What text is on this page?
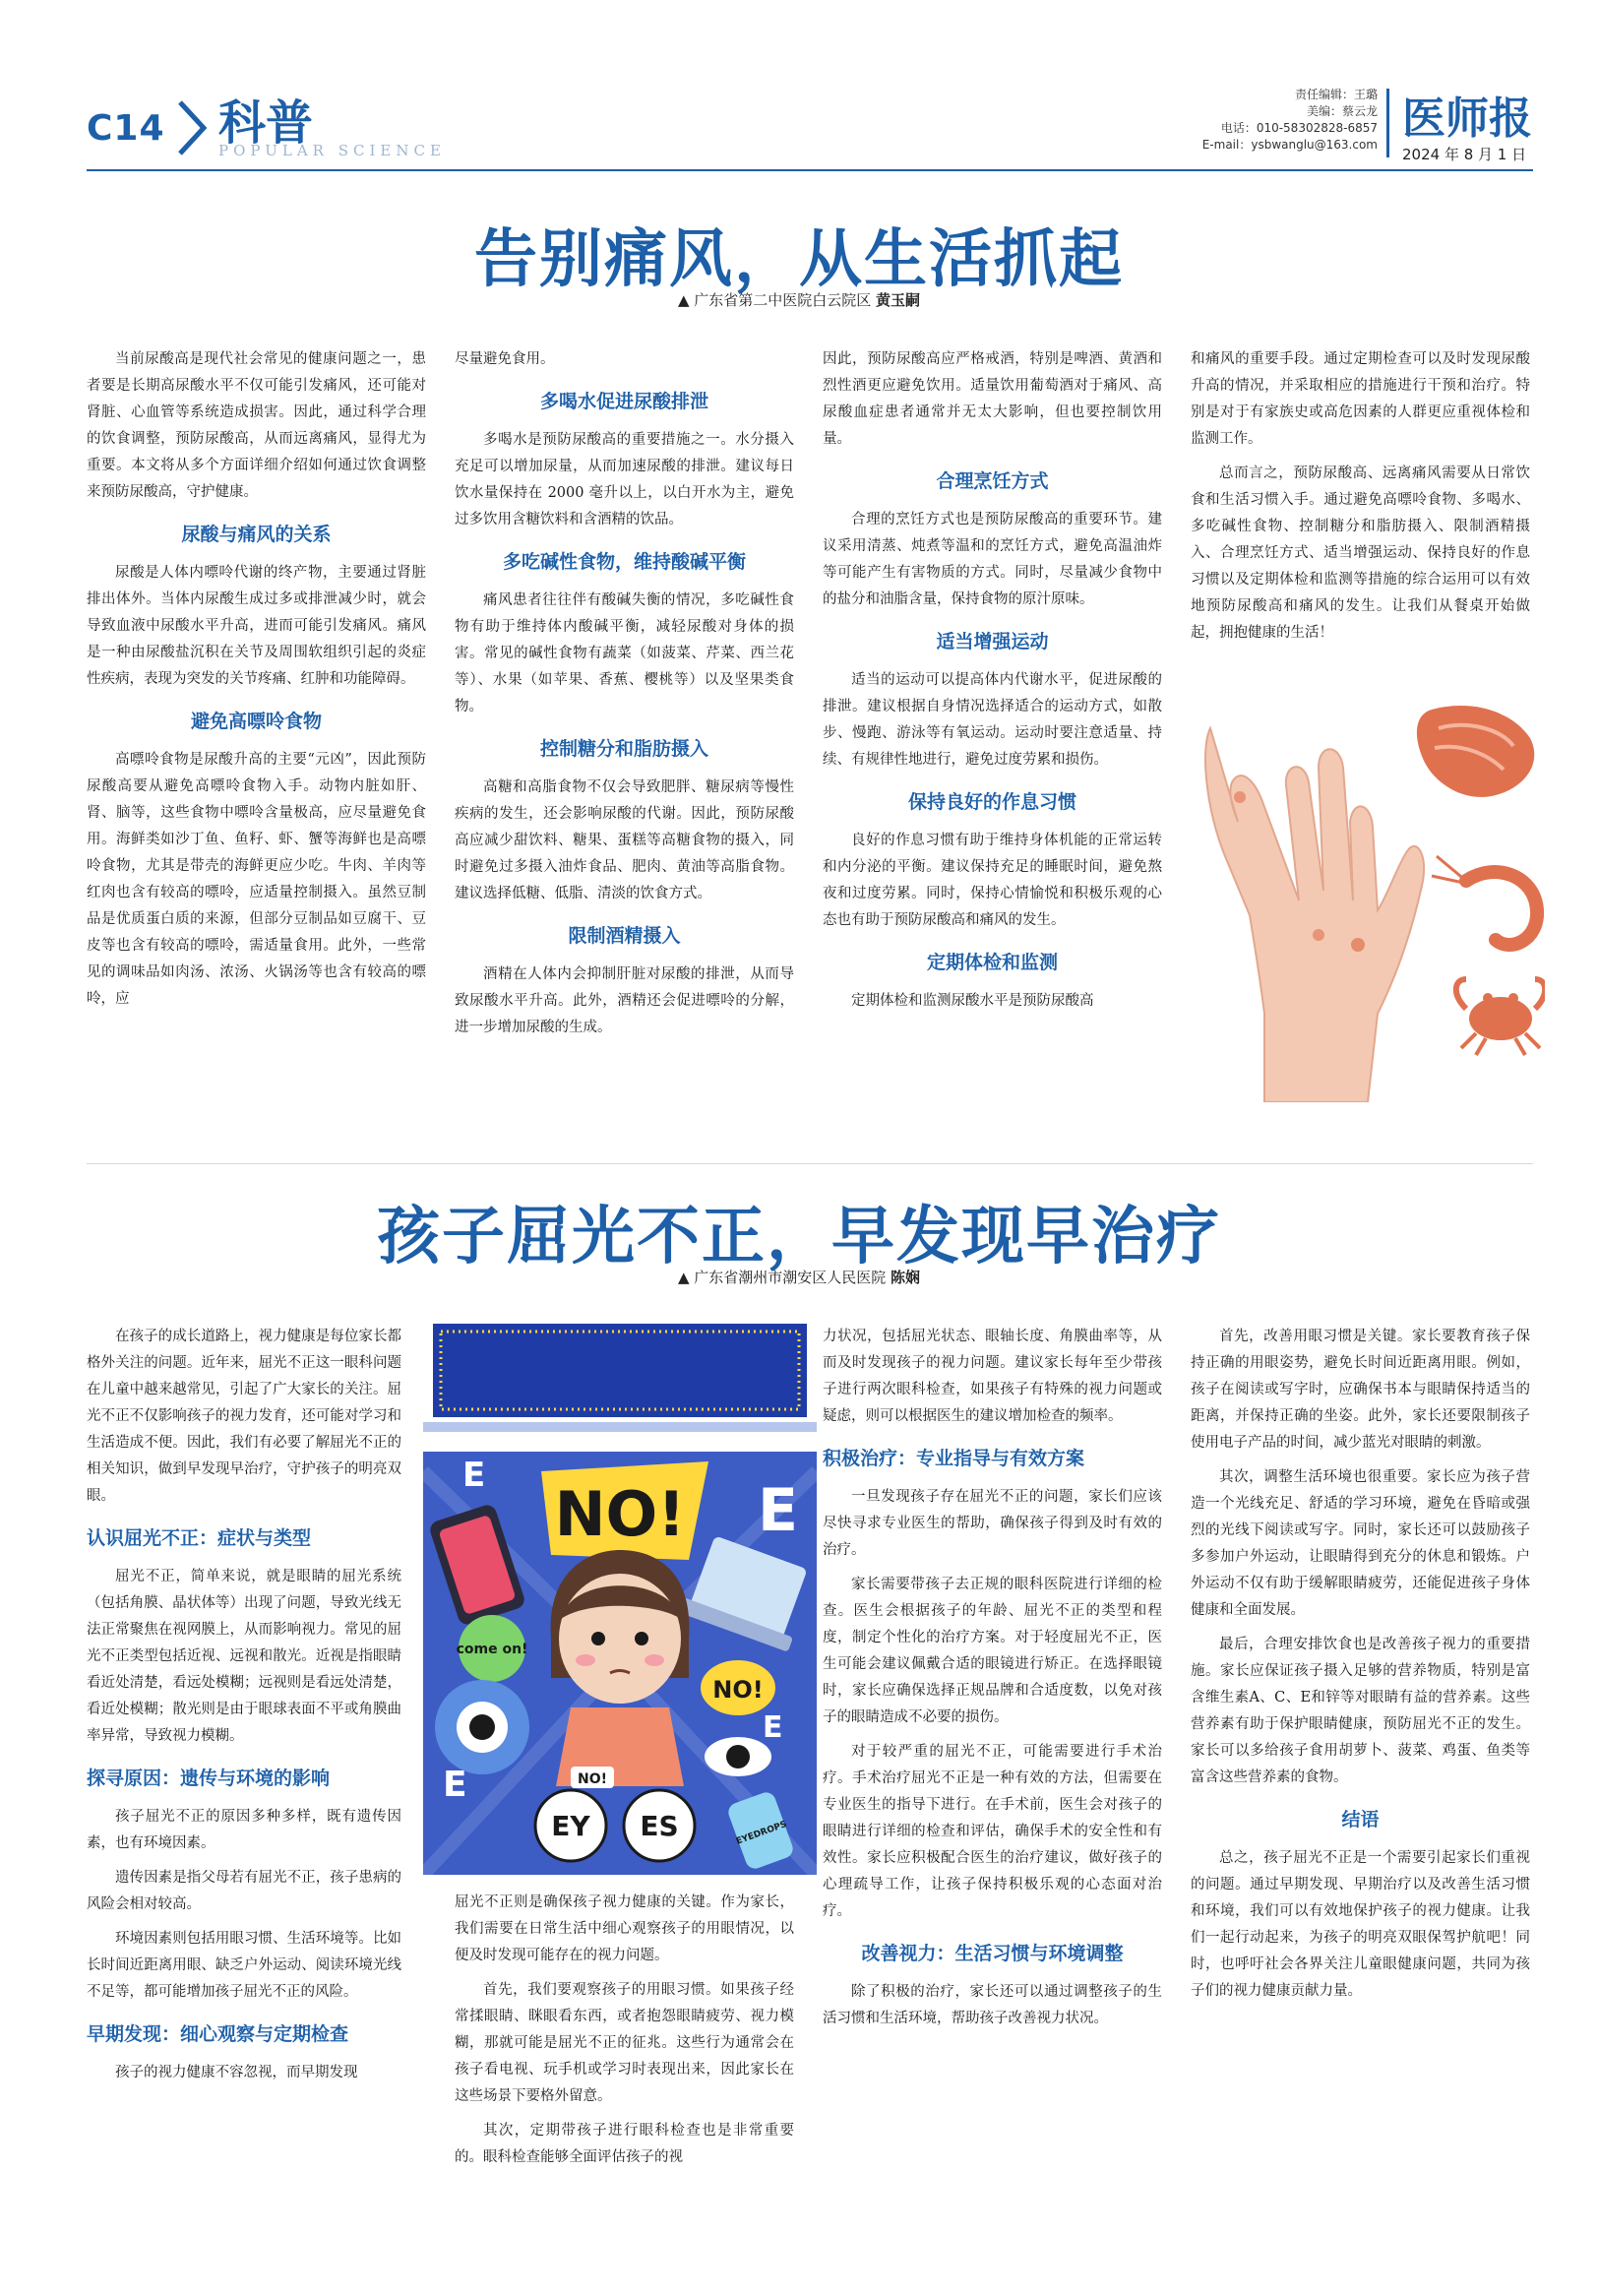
C14 科普
POPULAR SCIENCE
责任编辑：王璐
美编：蔡云龙
电话：010-58302828-6857
E-mail：ysbwanglu@163.com
医师报
2024 年 8 月 1 日
告别痛风，从生活抓起
▲ 广东省第二中医院白云院区 黄玉嗣

当前尿酸高是现代社会常见的健康问题之一，患者要是长期高尿酸水平不仅可能引发痛风，还可能对肾脏、心血管等系统造成损害。因此，通过科学合理的饮食调整，预防尿酸高，从而远离痛风，显得尤为重要。本文将从多个方面详细介绍如何通过饮食调整来预防尿酸高，守护健康。

尿酸与痛风的关系

尿酸是人体内嘌呤代谢的终产物，主要通过肾脏排出体外。当体内尿酸生成过多或排泄减少时，就会导致血液中尿酸水平升高，进而可能引发痛风。痛风是一种由尿酸盐沉积在关节及周围软组织引起的炎症性疾病，表现为突发的关节疼痛、红肿和功能障碍。

避免高嘌呤食物

高嘌呤食物是尿酸升高的主要“元凶”，因此预防尿酸高要从避免高嘌呤食物入手。动物内脏如肝、肾、脑等，这些食物中嘌呤含量极高，应尽量避免食用。海鲜类如沙丁鱼、鱼籽、虾、蟹等海鲜也是高嘌呤食物，尤其是带壳的海鲜更应少吃。牛肉、羊肉等红肉也含有较高的嘌呤，应适量控制摄入。虽然豆制品是优质蛋白质的来源，但部分豆制品如豆腐干、豆皮等也含有较高的嘌呤，需适量食用。此外，一些常见的调味品如肉汤、浓汤、火锅汤等也含有较高的嘌呤，应

尽量避免食用。

多喝水促进尿酸排泄

多喝水是预防尿酸高的重要措施之一。水分摄入充足可以增加尿量，从而加速尿酸的排泄。建议每日饮水量保持在 2000 毫升以上，以白开水为主，避免过多饮用含糖饮料和含酒精的饮品。

多吃碱性食物，维持酸碱平衡

痛风患者往往伴有酸碱失衡的情况，多吃碱性食物有助于维持体内酸碱平衡，减轻尿酸对身体的损害。常见的碱性食物有蔬菜（如菠菜、芹菜、西兰花等）、水果（如苹果、香蕉、樱桃等）以及坚果类食物。

控制糖分和脂肪摄入

高糖和高脂食物不仅会导致肥胖、糖尿病等慢性疾病的发生，还会影响尿酸的代谢。因此，预防尿酸高应减少甜饮料、糖果、蛋糕等高糖食物的摄入，同时避免过多摄入油炸食品、肥肉、黄油等高脂食物。建议选择低糖、低脂、清淡的饮食方式。

限制酒精摄入

酒精在人体内会抑制肝脏对尿酸的排泄，从而导致尿酸水平升高。此外，酒精还会促进嘌呤的分解，进一步增加尿酸的生成。

因此，预防尿酸高应严格戒酒，特别是啤酒、黄酒和烈性酒更应避免饮用。适量饮用葡萄酒对于痛风、高尿酸血症患者通常并无太大影响，但也要控制饮用量。

合理烹饪方式

合理的烹饪方式也是预防尿酸高的重要环节。建议采用清蒸、炖煮等温和的烹饪方式，避免高温油炸等可能产生有害物质的方式。同时，尽量减少食物中的盐分和油脂含量，保持食物的原汁原味。

适当增强运动

适当的运动可以提高体内代谢水平，促进尿酸的排泄。建议根据自身情况选择适合的运动方式，如散步、慢跑、游泳等有氧运动。运动时要注意适量、持续、有规律性地进行，避免过度劳累和损伤。

保持良好的作息习惯

良好的作息习惯有助于维持身体机能的正常运转和内分泌的平衡。建议保持充足的睡眠时间，避免熬夜和过度劳累。同时，保持心情愉悦和积极乐观的心态也有助于预防尿酸高和痛风的发生。

定期体检和监测

定期体检和监测尿酸水平是预防尿酸高

和痛风的重要手段。通过定期检查可以及时发现尿酸升高的情况，并采取相应的措施进行干预和治疗。特别是对于有家族史或高危因素的人群更应重视体检和监测工作。

总而言之，预防尿酸高、远离痛风需要从日常饮食和生活习惯入手。通过避免高嘌呤食物、多喝水、多吃碱性食物、控制糖分和脂肪摄入、限制酒精摄入、合理烹饪方式、适当增强运动、保持良好的作息习惯以及定期体检和监测等措施的综合运用可以有效地预防尿酸高和痛风的发生。让我们从餐桌开始做起，拥抱健康的生活！

孩子屈光不正，早发现早治疗
▲ 广东省潮州市潮安区人民医院 陈娴

在孩子的成长道路上，视力健康是每位家长都格外关注的问题。近年来，屈光不正这一眼科问题在儿童中越来越常见，引起了广大家长的关注。屈光不正不仅影响孩子的视力发育，还可能对学习和生活造成不便。因此，我们有必要了解屈光不正的相关知识，做到早发现早治疗，守护孩子的明亮双眼。

认识屈光不正：症状与类型

屈光不正，简单来说，就是眼睛的屈光系统（包括角膜、晶状体等）出现了问题，导致光线无法正常聚焦在视网膜上，从而影响视力。常见的屈光不正类型包括近视、远视和散光。近视是指眼睛看近处清楚，看远处模糊；远视则是看远处清楚，看近处模糊；散光则是由于眼球表面不平或角膜曲率异常，导致视力模糊。

探寻原因：遗传与环境的影响

孩子屈光不正的原因多种多样，既有遗传因素，也有环境因素。

遗传因素是指父母若有屈光不正，孩子患病的风险会相对较高。

环境因素则包括用眼习惯、生活环境等。比如长时间近距离用眼、缺乏户外运动、阅读环境光线不足等，都可能增加孩子屈光不正的风险。

早期发现：细心观察与定期检查

孩子的视力健康不容忽视，而早期发现

NO!
E
E
E
E
come on!
NO!
NO!
EY ES	EYEDROPS

屈光不正则是确保孩子视力健康的关键。作为家长，我们需要在日常生活中细心观察孩子的用眼情况，以便及时发现可能存在的视力问题。

首先，我们要观察孩子的用眼习惯。如果孩子经常揉眼睛、眯眼看东西，或者抱怨眼睛疲劳、视力模糊，那就可能是屈光不正的征兆。这些行为通常会在孩子看电视、玩手机或学习时表现出来，因此家长在这些场景下要格外留意。

其次，定期带孩子进行眼科检查也是非常重要的。眼科检查能够全面评估孩子的视

力状况，包括屈光状态、眼轴长度、角膜曲率等，从而及时发现孩子的视力问题。建议家长每年至少带孩子进行两次眼科检查，如果孩子有特殊的视力问题或疑虑，则可以根据医生的建议增加检查的频率。

积极治疗：专业指导与有效方案

一旦发现孩子存在屈光不正的问题，家长们应该尽快寻求专业医生的帮助，确保孩子得到及时有效的治疗。

家长需要带孩子去正规的眼科医院进行详细的检查。医生会根据孩子的年龄、屈光不正的类型和程度，制定个性化的治疗方案。对于轻度屈光不正，医生可能会建议佩戴合适的眼镜进行矫正。在选择眼镜时，家长应确保选择正规品牌和合适度数，以免对孩子的眼睛造成不必要的损伤。

对于较严重的屈光不正，可能需要进行手术治疗。手术治疗屈光不正是一种有效的方法，但需要在专业医生的指导下进行。在手术前，医生会对孩子的眼睛进行详细的检查和评估，确保手术的安全性和有效性。家长应积极配合医生的治疗建议，做好孩子的心理疏导工作，让孩子保持积极乐观的心态面对治疗。

改善视力：生活习惯与环境调整

除了积极的治疗，家长还可以通过调整孩子的生活习惯和生活环境，帮助孩子改善视力状况。

首先，改善用眼习惯是关键。家长要教育孩子保持正确的用眼姿势，避免长时间近距离用眼。例如，孩子在阅读或写字时，应确保书本与眼睛保持适当的距离，并保持正确的坐姿。此外，家长还要限制孩子使用电子产品的时间，减少蓝光对眼睛的刺激。

其次，调整生活环境也很重要。家长应为孩子营造一个光线充足、舒适的学习环境，避免在昏暗或强烈的光线下阅读或写字。同时，家长还可以鼓励孩子多参加户外运动，让眼睛得到充分的休息和锻炼。户外运动不仅有助于缓解眼睛疲劳，还能促进孩子身体健康和全面发展。

最后，合理安排饮食也是改善孩子视力的重要措施。家长应保证孩子摄入足够的营养物质，特别是富含维生素A、C、E和锌等对眼睛有益的营养素。这些营养素有助于保护眼睛健康，预防屈光不正的发生。家长可以多给孩子食用胡萝卜、菠菜、鸡蛋、鱼类等富含这些营养素的食物。

结语

总之，孩子屈光不正是一个需要引起家长们重视的问题。通过早期发现、早期治疗以及改善生活习惯和环境，我们可以有效地保护孩子的视力健康。让我们一起行动起来，为孩子的明亮双眼保驾护航吧！同时，也呼吁社会各界关注儿童眼健康问题，共同为孩子们的视力健康贡献力量。
